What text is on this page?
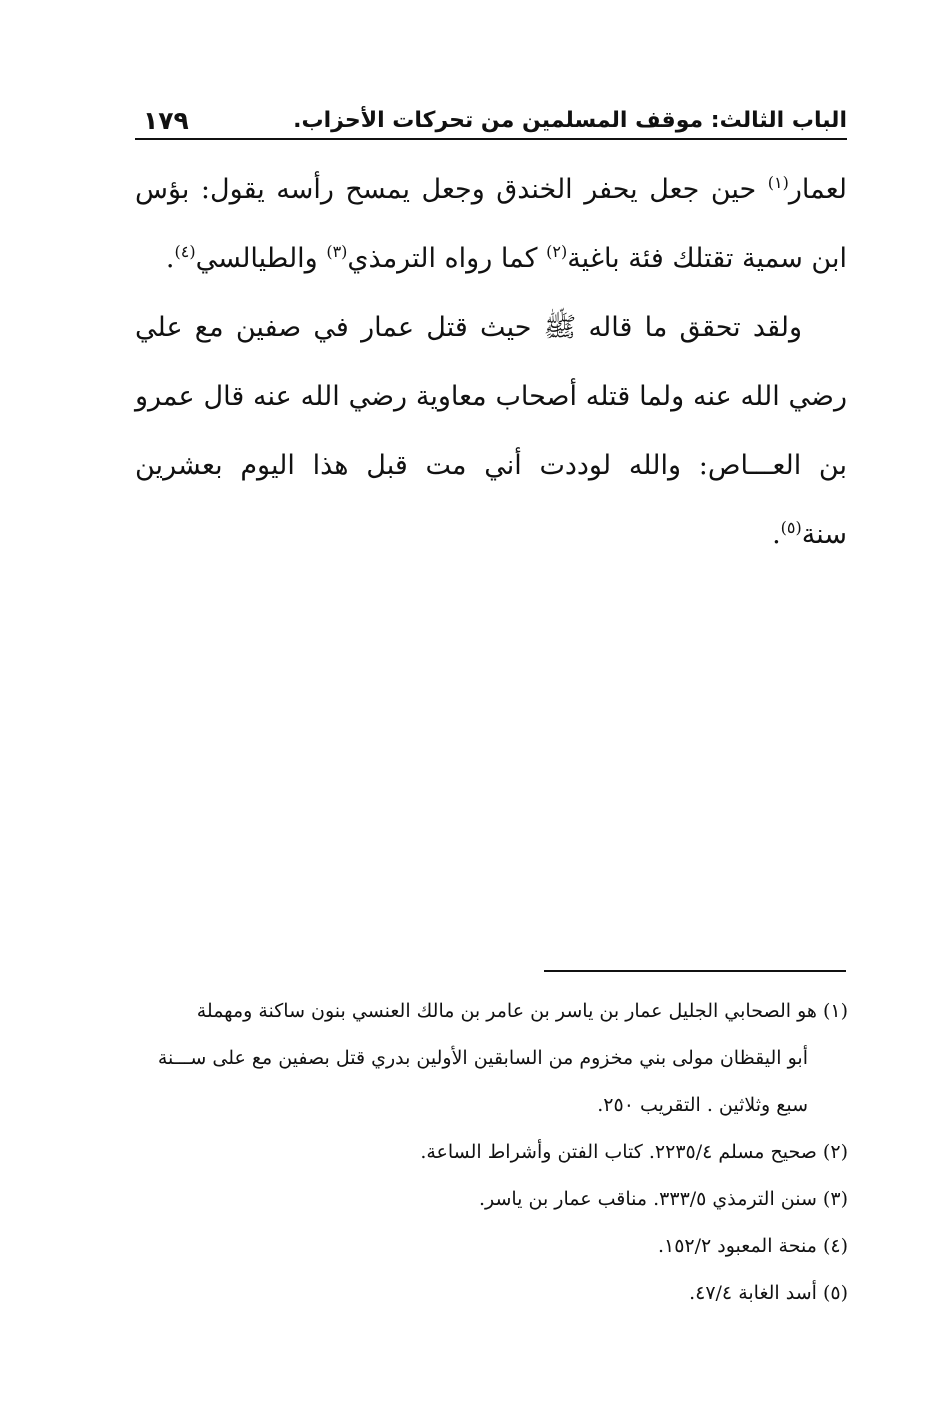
الباب الثالث: موقف المسلمين من تحركات الأحزاب.
١٧٩

لعمار$^{(١)}$ حين جعل يحفر الخندق وجعل يمسح رأسه يقول: بؤس ابن سمية تقتلك فئة باغية$^{(٢)}$ كما رواه الترمذي$^{(٣)}$ والطيالسي$^{(٤)}$.

ولقد تحقق ما قاله ﷺ حيث قتل عمار في صفين مع علي رضي الله عنه ولما قتله أصحاب معاوية رضي الله عنه قال عمرو بن العـــاص: والله لوددت أني مت قبل هذا اليوم بعشرين سنة$^{(٥)}$.

(١) هو الصحابي الجليل عمار بن ياسر بن عامر بن مالك العنسي بنون ساكنة ومهملة

أبو اليقظان مولى بني مخزوم من السابقين الأولين بدري قتل بصفين مع على ســـنة

سبع وثلاثين . التقريب ٢٥٠.

(٢) صحيح مسلم ٢٢٣٥/٤. كتاب الفتن وأشراط الساعة.

(٣) سنن الترمذي ٣٣٣/٥. مناقب عمار بن ياسر.

(٤) منحة المعبود ١٥٢/٢.

(٥) أسد الغابة ٤٧/٤.
